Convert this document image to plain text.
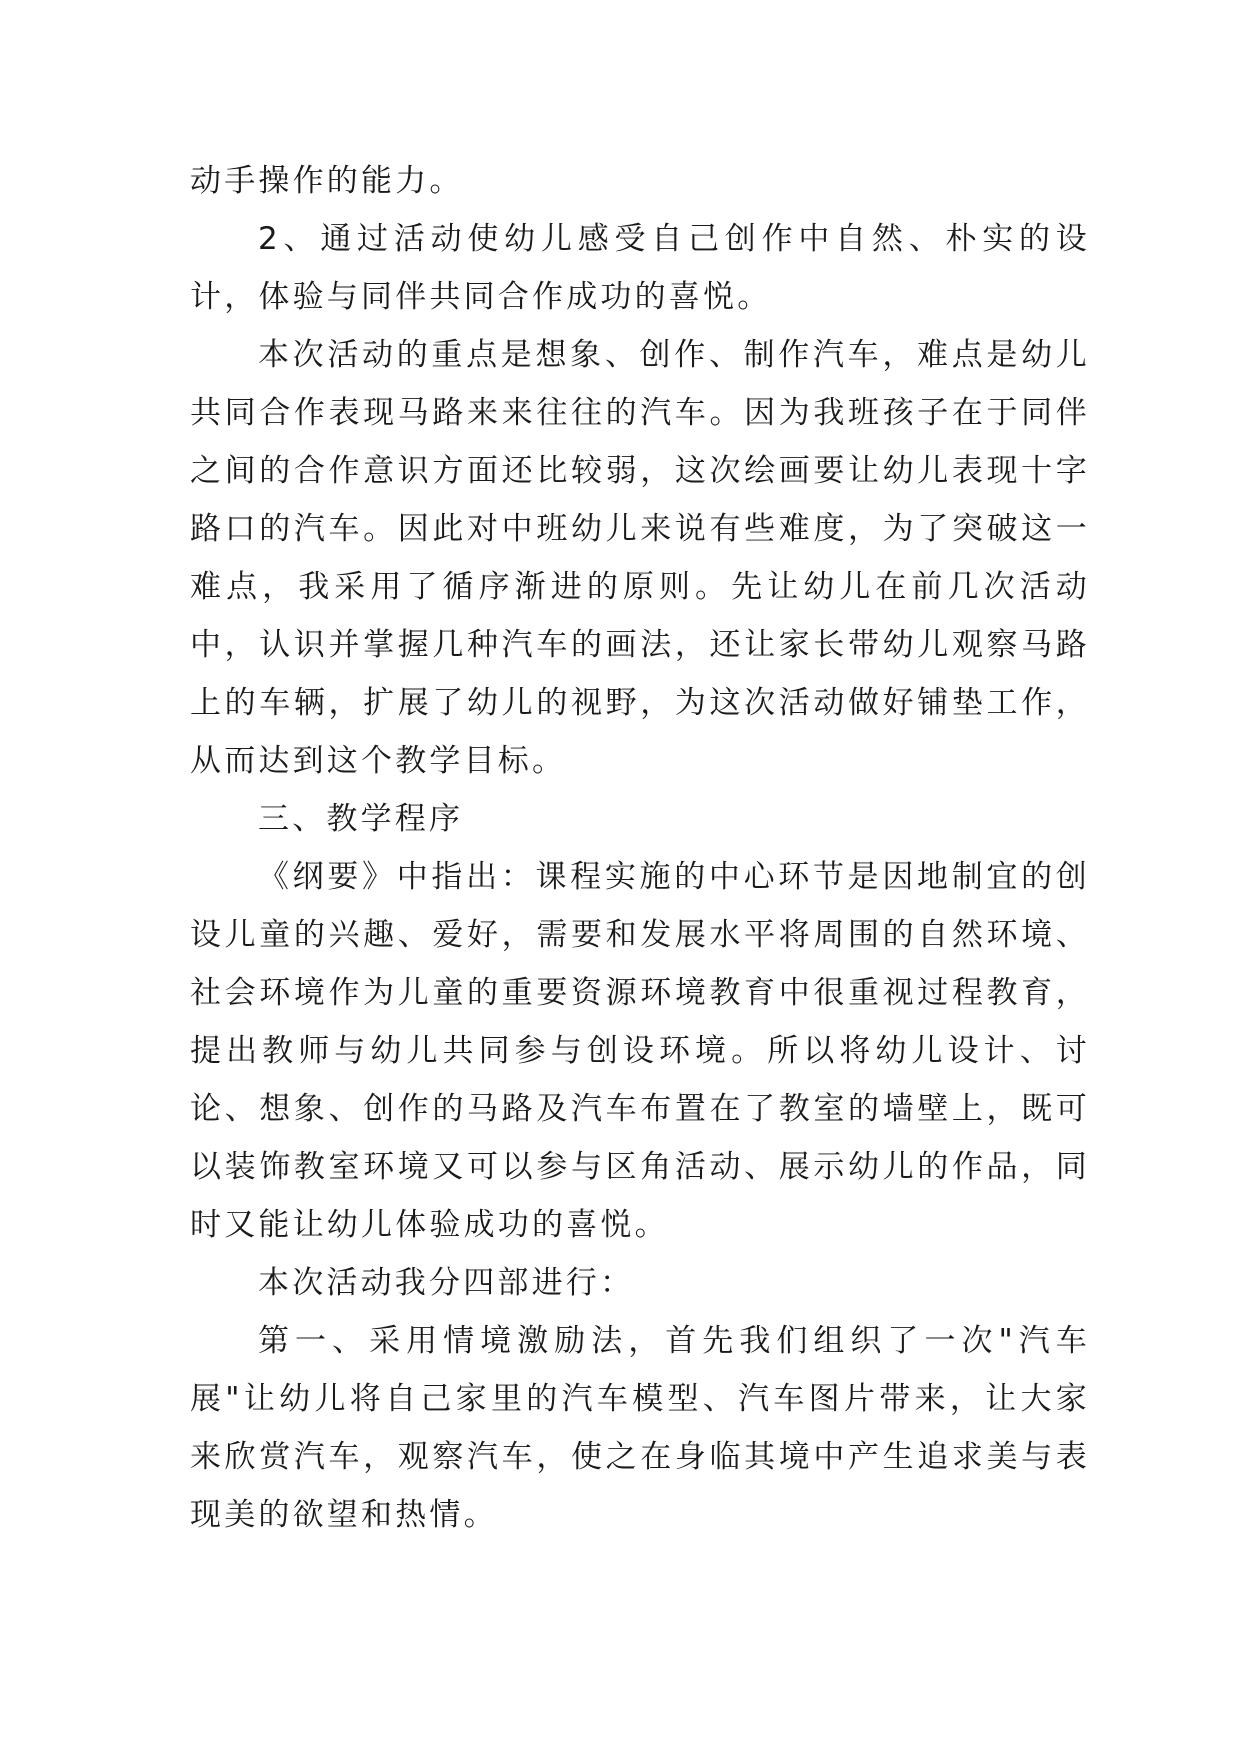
动手操作的能力。

2、通过活动使幼儿感受自己创作中自然、朴实的设计，体验与同伴共同合作成功的喜悦。

本次活动的重点是想象、创作、制作汽车，难点是幼儿共同合作表现马路来来往往的汽车。因为我班孩子在于同伴之间的合作意识方面还比较弱，这次绘画要让幼儿表现十字路口的汽车。因此对中班幼儿来说有些难度，为了突破这一难点，我采用了循序渐进的原则。先让幼儿在前几次活动中，认识并掌握几种汽车的画法，还让家长带幼儿观察马路上的车辆，扩展了幼儿的视野，为这次活动做好铺垫工作，从而达到这个教学目标。

三、教学程序

《纲要》中指出：课程实施的中心环节是因地制宜的创设儿童的兴趣、爱好，需要和发展水平将周围的自然环境、社会环境作为儿童的重要资源环境教育中很重视过程教育，提出教师与幼儿共同参与创设环境。所以将幼儿设计、讨论、想象、创作的马路及汽车布置在了教室的墙壁上，既可以装饰教室环境又可以参与区角活动、展示幼儿的作品，同时又能让幼儿体验成功的喜悦。

本次活动我分四部进行：

第一、采用情境激励法，首先我们组织了一次"汽车展"让幼儿将自己家里的汽车模型、汽车图片带来，让大家来欣赏汽车，观察汽车，使之在身临其境中产生追求美与表现美的欲望和热情。
